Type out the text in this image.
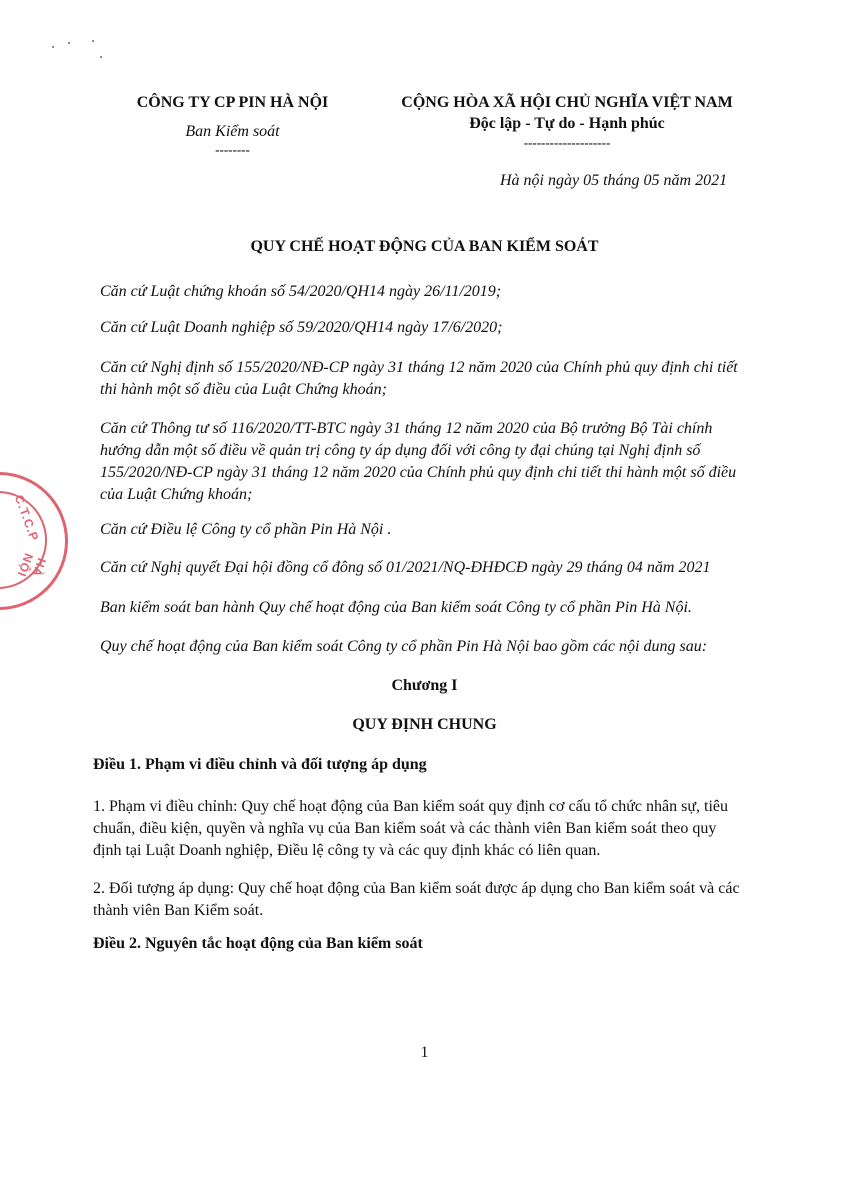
C.T.C.P
HÀ NỘI
CÔNG TY CP PIN HÀ NỘI
Ban Kiểm soát
--------
CỘNG HÒA XÃ HỘI CHỦ NGHĨA VIỆT NAM
Độc lập - Tự do - Hạnh phúc
--------------------
Hà nội ngày 05 tháng 05 năm 2021
QUY CHẾ HOẠT ĐỘNG CỦA BAN KIỂM SOÁT
Căn cứ Luật chứng khoán số 54/2020/QH14 ngày 26/11/2019;
Căn cứ Luật Doanh nghiệp số 59/2020/QH14 ngày 17/6/2020;
Căn cứ Nghị định số 155/2020/NĐ-CP ngày 31 tháng 12 năm 2020 của Chính phủ quy định chi tiết
thi hành một số điều của Luật Chứng khoán;
Căn cứ Thông tư số 116/2020/TT-BTC ngày 31 tháng 12 năm 2020 của Bộ trưởng Bộ Tài chính
hướng dẫn một số điều về quản trị công ty áp dụng đối với công ty đại chúng tại Nghị định số
155/2020/NĐ-CP ngày 31 tháng 12 năm 2020 của Chính phủ quy định chi tiết thi hành một số điều
của Luật Chứng khoán;
Căn cứ Điều lệ Công ty cổ phần Pin Hà Nội .
Căn cứ Nghị quyết Đại hội đồng cổ đông số 01/2021/NQ-ĐHĐCĐ ngày 29 tháng 04 năm 2021
Ban kiểm soát ban hành Quy chế hoạt động của Ban kiểm soát Công ty cổ phần Pin Hà Nội.
Quy chế hoạt động của Ban kiểm soát Công ty cổ phần Pin Hà Nội bao gồm các nội dung sau:
Chương I
QUY ĐỊNH CHUNG
Điều 1. Phạm vi điều chỉnh và đối tượng áp dụng
1. Phạm vi điều chỉnh: Quy chế hoạt động của Ban kiểm soát quy định cơ cấu tổ chức nhân sự, tiêu
chuẩn, điều kiện, quyền và nghĩa vụ của Ban kiểm soát và các thành viên Ban kiểm soát theo quy
định tại Luật Doanh nghiệp, Điều lệ công ty và các quy định khác có liên quan.
2. Đối tượng áp dụng: Quy chế hoạt động của Ban kiểm soát được áp dụng cho Ban kiểm soát và các
thành viên Ban Kiểm soát.
Điều 2. Nguyên tắc hoạt động của Ban kiểm soát
1
